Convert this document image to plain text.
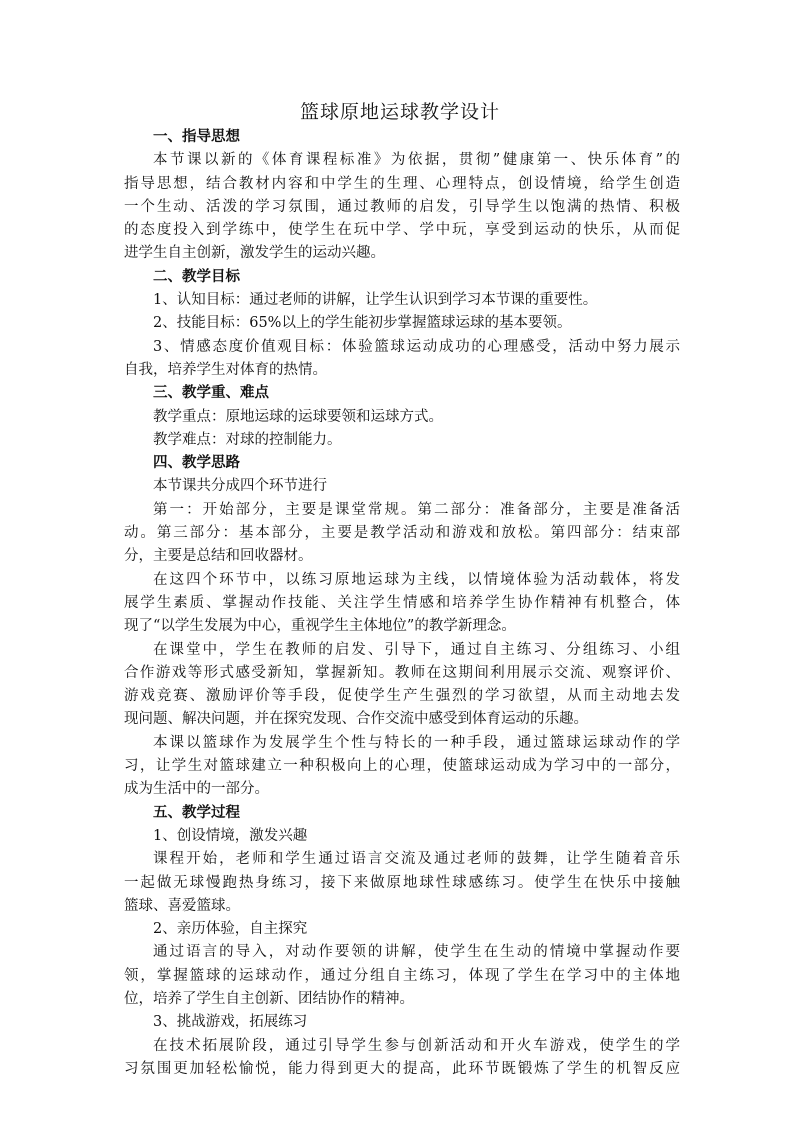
篮球原地运球教学设计
一、指导思想
本节课以新的《体育课程标准》为依据，贯彻”健康第一、快乐体育”的
指导思想，结合教材内容和中学生的生理、心理特点，创设情境，给学生创造
一个生动、活泼的学习氛围，通过教师的启发，引导学生以饱满的热情、积极
的态度投入到学练中，使学生在玩中学、学中玩，享受到运动的快乐，从而促
进学生自主创新，激发学生的运动兴趣。
二、教学目标
1、认知目标：通过老师的讲解，让学生认识到学习本节课的重要性。
2、技能目标：65%以上的学生能初步掌握篮球运球的基本要领。
3、情感态度价值观目标：体验篮球运动成功的心理感受，活动中努力展示
自我，培养学生对体育的热情。
三、教学重、难点
教学重点：原地运球的运球要领和运球方式。
教学难点：对球的控制能力。
四、教学思路
本节课共分成四个环节进行
第一：开始部分，主要是课堂常规。第二部分：准备部分，主要是准备活
动。第三部分：基本部分，主要是教学活动和游戏和放松。第四部分：结束部
分，主要是总结和回收器材。
在这四个环节中，以练习原地运球为主线，以情境体验为活动载体，将发
展学生素质、掌握动作技能、关注学生情感和培养学生协作精神有机整合，体
现了“以学生发展为中心，重视学生主体地位”的教学新理念。
在课堂中，学生在教师的启发、引导下，通过自主练习、分组练习、小组
合作游戏等形式感受新知，掌握新知。教师在这期间利用展示交流、观察评价、
游戏竞赛、激励评价等手段，促使学生产生强烈的学习欲望，从而主动地去发
现问题、解决问题，并在探究发现、合作交流中感受到体育运动的乐趣。
本课以篮球作为发展学生个性与特长的一种手段，通过篮球运球动作的学
习，让学生对篮球建立一种积极向上的心理，使篮球运动成为学习中的一部分，
成为生活中的一部分。
五、教学过程
1、创设情境，激发兴趣
课程开始，老师和学生通过语言交流及通过老师的鼓舞，让学生随着音乐
一起做无球慢跑热身练习，接下来做原地球性球感练习。使学生在快乐中接触
篮球、喜爱篮球。
2、亲历体验，自主探究
通过语言的导入，对动作要领的讲解，使学生在生动的情境中掌握动作要
领，掌握篮球的运球动作，通过分组自主练习，体现了学生在学习中的主体地
位，培养了学生自主创新、团结协作的精神。
3、挑战游戏，拓展练习
在技术拓展阶段，通过引导学生参与创新活动和开火车游戏，使学生的学
习氛围更加轻松愉悦，能力得到更大的提高，此环节既锻炼了学生的机智反应
